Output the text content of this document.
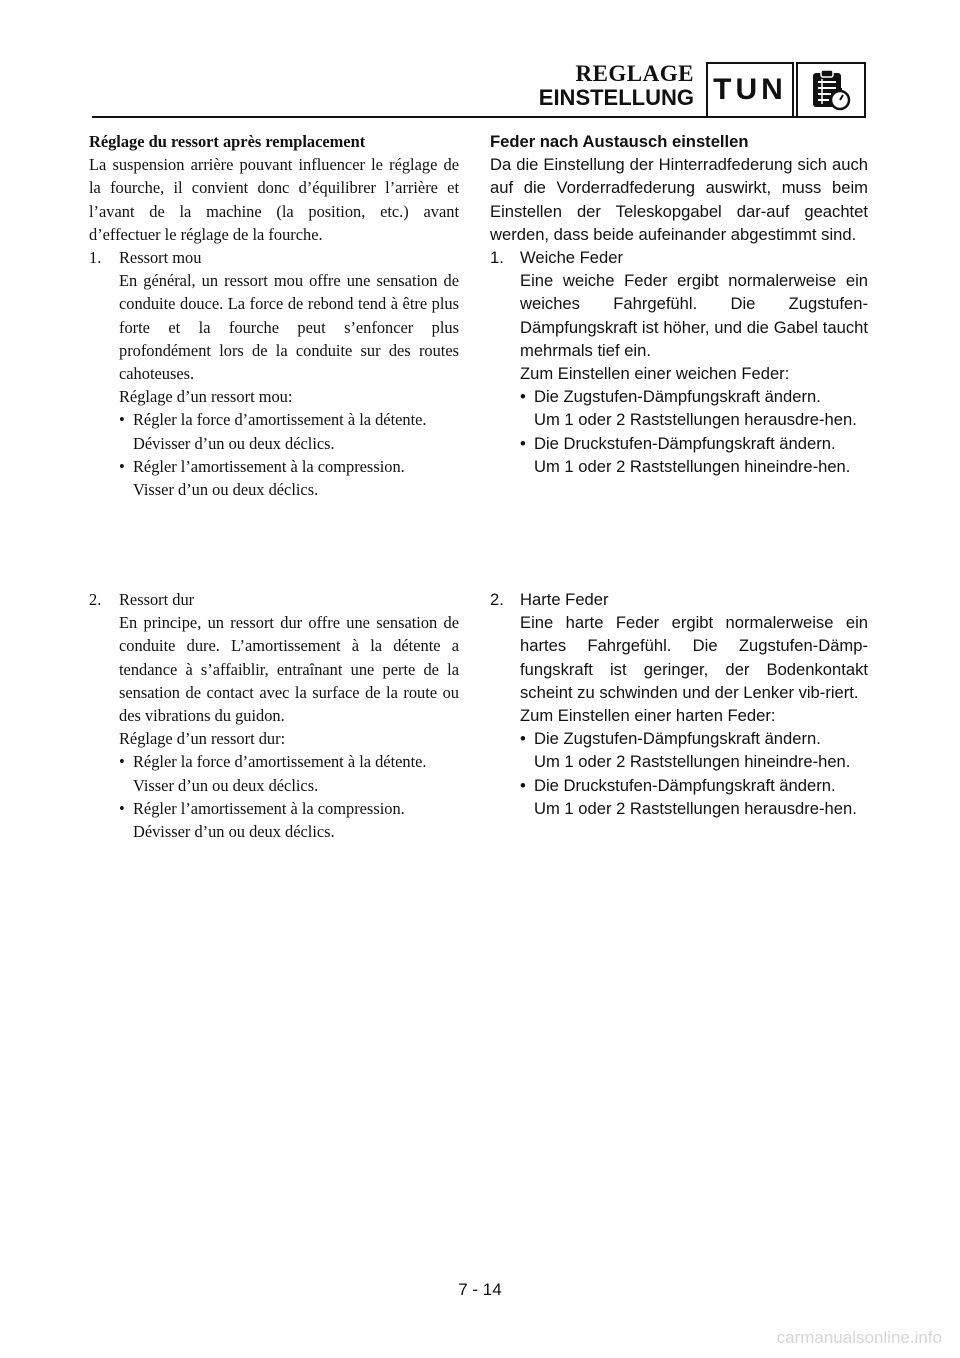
REGLAGE
EINSTELLUNG TUN
Réglage du ressort après remplacement
La suspension arrière pouvant influencer le réglage de la fourche, il convient donc d’équilibrer l’arrière et l’avant de la machine (la position, etc.) avant d’effectuer le réglage de la fourche.
1.	Ressort mou
En général, un ressort mou offre une sensation de conduite douce. La force de rebond tend à être plus forte et la fourche peut s’enfoncer plus profondément lors de la conduite sur des routes cahoteuses.
Réglage d’un ressort mou:
• Régler la force d’amortissement à la détente.
Dévisser d’un ou deux déclics.
• Régler l’amortissement à la compression.
Visser d’un ou deux déclics.
2.	Ressort dur
En principe, un ressort dur offre une sensation de conduite dure. L’amortissement à la détente a tendance à s’affaiblir, entraînant une perte de la sensation de contact avec la surface de la route ou des vibrations du guidon.
Réglage d’un ressort dur:
• Régler la force d’amortissement à la détente.
Visser d’un ou deux déclics.
• Régler l’amortissement à la compression.
Dévisser d’un ou deux déclics.
Feder nach Austausch einstellen
Da die Einstellung der Hinterradfederung sich auch auf die Vorderradfederung auswirkt, muss beim Einstellen der Teleskopgabel dar-auf geachtet werden, dass beide aufeinander abgestimmt sind.
1. Weiche Feder
Eine weiche Feder ergibt normalerweise ein weiches Fahrgefühl. Die Zugstufen-Dämpfungskraft ist höher, und die Gabel taucht mehrmals tief ein.
Zum Einstellen einer weichen Feder:
• Die Zugstufen-Dämpfungskraft ändern.
Um 1 oder 2 Raststellungen herausdre-hen.
• Die Druckstufen-Dämpfungskraft ändern.
Um 1 oder 2 Raststellungen hineindre-hen.
2. Harte Feder
Eine harte Feder ergibt normalerweise ein hartes Fahrgefühl. Die Zugstufen-Dämp-fungskraft ist geringer, der Bodenkontakt scheint zu schwinden und der Lenker vib-riert.
Zum Einstellen einer harten Feder:
• Die Zugstufen-Dämpfungskraft ändern.
Um 1 oder 2 Raststellungen hineindre-hen.
• Die Druckstufen-Dämpfungskraft ändern.
Um 1 oder 2 Raststellungen herausdre-hen.
7 - 14
carmanualsonline.info
